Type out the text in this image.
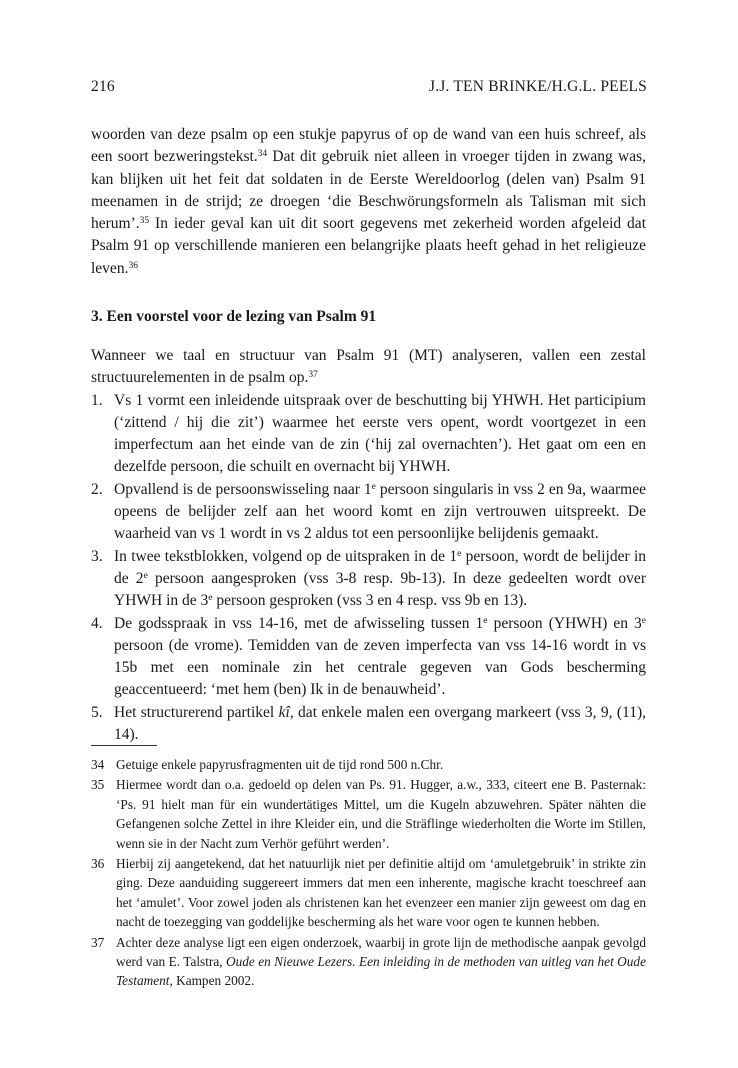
216	J.J. TEN BRINKE/H.G.L. PEELS

woorden van deze psalm op een stukje papyrus of op de wand van een huis schreef, als een soort bezweringstekst.$^{34}$ Dat dit gebruik niet alleen in vroeger tijden in zwang was, kan blijken uit het feit dat soldaten in de Eerste Wereldoorlog (delen van) Psalm 91 meenamen in de strijd; ze droegen ‘die Beschwörungsformeln als Talisman mit sich herum’.$^{35}$ In ieder geval kan uit dit soort gegevens met zekerheid worden afgeleid dat Psalm 91 op verschillende manieren een belangrijke plaats heeft gehad in het religieuze leven.$^{36}$

3. Een voorstel voor de lezing van Psalm 91

Wanneer we taal en structuur van Psalm 91 (MT) analyseren, vallen een zestal structuurelementen in de psalm op.$^{37}$

1. Vs 1 vormt een inleidende uitspraak over de beschutting bij YHWH. Het participium (‘zittend / hij die zit’) waarmee het eerste vers opent, wordt voortgezet in een imperfectum aan het einde van de zin (‘hij zal overnachten’). Het gaat om een en dezelfde persoon, die schuilt en overnacht bij YHWH.
2. Opvallend is de persoonswisseling naar 1e persoon singularis in vss 2 en 9a, waarmee opeens de belijder zelf aan het woord komt en zijn vertrouwen uitspreekt. De waarheid van vs 1 wordt in vs 2 aldus tot een persoonlijke belijdenis gemaakt.
3. In twee tekstblokken, volgend op de uitspraken in de 1e persoon, wordt de belijder in de 2e persoon aangesproken (vss 3-8 resp. 9b-13). In deze gedeelten wordt over YHWH in de 3e persoon gesproken (vss 3 en 4 resp. vss 9b en 13).
4. De godsspraak in vss 14-16, met de afwisseling tussen 1e persoon (YHWH) en 3e persoon (de vrome). Temidden van de zeven imperfecta van vss 14-16 wordt in vs 15b met een nominale zin het centrale gegeven van Gods bescherming geaccentueerd: ‘met hem (ben) Ik in de benauwheid’.
5. Het structurerend partikel kî, dat enkele malen een overgang markeert (vss 3, 9, (11), 14).
34 Getuige enkele papyrusfragmenten uit de tijd rond 500 n.Chr.
35 Hiermee wordt dan o.a. gedoeld op delen van Ps. 91. Hugger, a.w., 333, citeert ene B. Pasternak: ‘Ps. 91 hielt man für ein wundertätiges Mittel, um die Kugeln abzuwehren. Später nähten die Gefangenen solche Zettel in ihre Kleider ein, und die Sträflinge wiederholten die Worte im Stillen, wenn sie in der Nacht zum Verhör geführt werden’.
36 Hierbij zij aangetekend, dat het natuurlijk niet per definitie altijd om ‘amuletgebruik’ in strikte zin ging. Deze aanduiding suggereert immers dat men een inherente, magische kracht toeschreef aan het ‘amulet’. Voor zowel joden als christenen kan het evenzeer een manier zijn geweest om dag en nacht de toezegging van goddelijke bescherming als het ware voor ogen te kunnen hebben.
37 Achter deze analyse ligt een eigen onderzoek, waarbij in grote lijn de methodische aanpak gevolgd werd van E. Talstra, Oude en Nieuwe Lezers. Een inleiding in de methoden van uitleg van het Oude Testament, Kampen 2002.
